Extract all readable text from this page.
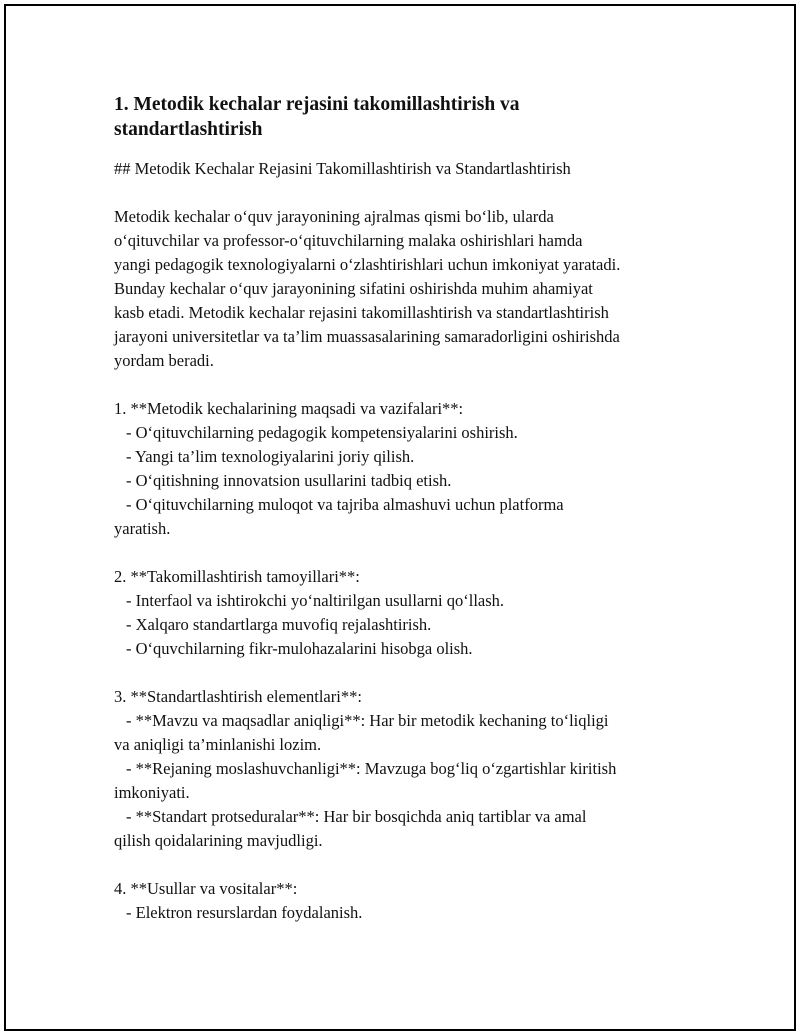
1. Metodik kechalar rejasini takomillashtirish va
standartlashtirish
## Metodik Kechalar Rejasini Takomillashtirish va Standartlashtirish
Metodik kechalar o‘quv jarayonining ajralmas qismi bo‘lib, ularda
o‘qituvchilar va professor-o‘qituvchilarning malaka oshirishlari hamda
yangi pedagogik texnologiyalarni o‘zlashtirishlari uchun imkoniyat yaratadi.
Bunday kechalar o‘quv jarayonining sifatini oshirishda muhim ahamiyat
kasb etadi. Metodik kechalar rejasini takomillashtirish va standartlashtirish
jarayoni universitetlar va ta’lim muassasalarining samaradorligini oshirishda
yordam beradi.
1. **Metodik kechalarining maqsadi va vazifalari**:
- O‘qituvchilarning pedagogik kompetensiyalarini oshirish.
- Yangi ta’lim texnologiyalarini joriy qilish.
- O‘qitishning innovatsion usullarini tadbiq etish.
- O‘qituvchilarning muloqot va tajriba almashuvi uchun platforma
yaratish.
2. **Takomillashtirish tamoyillari**:
- Interfaol va ishtirokchi yo‘naltirilgan usullarni qo‘llash.
- Xalqaro standartlarga muvofiq rejalashtirish.
- O‘quvchilarning fikr-mulohazalarini hisobga olish.
3. **Standartlashtirish elementlari**:
- **Mavzu va maqsadlar aniqligi**: Har bir metodik kechaning to‘liqligi
va aniqligi ta’minlanishi lozim.
- **Rejaning moslashuvchanligi**: Mavzuga bog‘liq o‘zgartishlar kiritish
imkoniyati.
- **Standart protseduralar**: Har bir bosqichda aniq tartiblar va amal
qilish qoidalarining mavjudligi.
4. **Usullar va vositalar**:
- Elektron resurslardan foydalanish.
